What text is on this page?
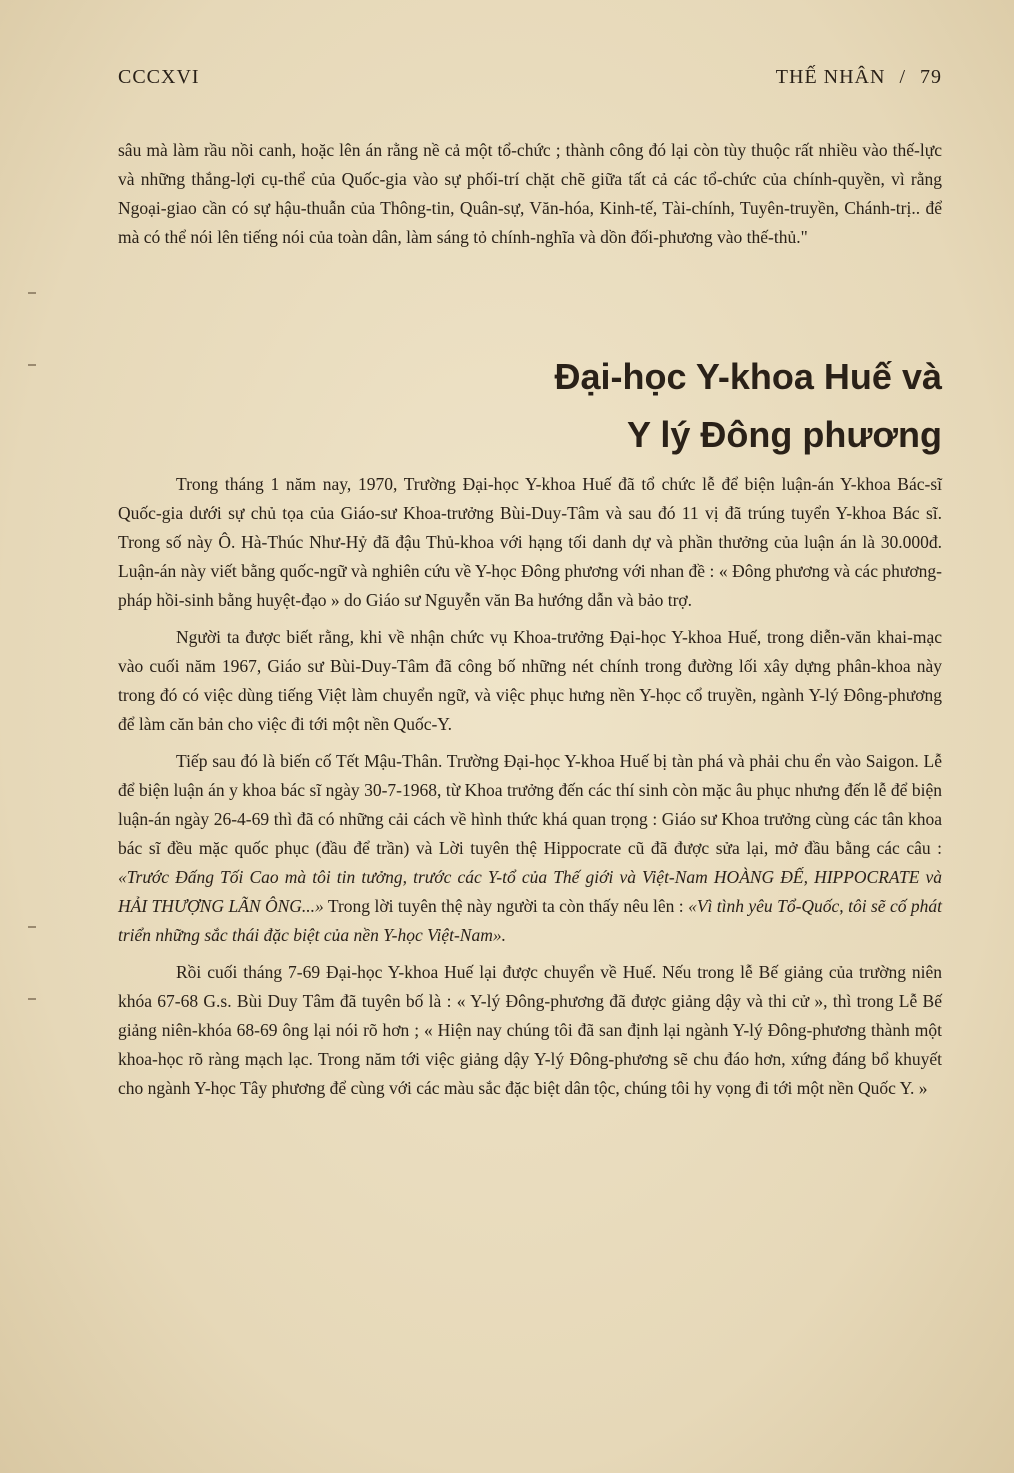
CCCXVI	THẾ NHÂN / 79

sâu mà làm rầu nồi canh, hoặc lên án rằng nề cả một tổ-chức ; thành công đó lại còn tùy thuộc rất nhiều vào thế-lực và những thắng-lợi cụ-thể của Quốc-gia vào sự phối-trí chặt chẽ giữa tất cả các tổ-chức của chính-quyền, vì rằng Ngoại-giao cần có sự hậu-thuẫn của Thông-tin, Quân-sự, Văn-hóa, Kinh-tế, Tài-chính, Tuyên-truyền, Chánh-trị.. để mà có thể nói lên tiếng nói của toàn dân, làm sáng tỏ chính-nghĩa và dồn đối-phương vào thế-thủ."

Đại-học Y-khoa Huế và
Y lý Đông phương

Trong tháng 1 năm nay, 1970, Trường Đại-học Y-khoa Huế đã tổ chức lễ để biện luận-án Y-khoa Bác-sĩ Quốc-gia dưới sự chủ tọa của Giáo-sư Khoa-trưởng Bùi-Duy-Tâm và sau đó 11 vị đã trúng tuyển Y-khoa Bác sĩ. Trong số này Ô. Hà-Thúc Như-Hỷ đã đậu Thủ-khoa với hạng tối danh dự và phần thưởng của luận án là 30.000đ. Luận-án này viết bằng quốc-ngữ và nghiên cứu về Y-học Đông phương với nhan đề : « Đông phương và các phương-pháp hồi-sinh bằng huyệt-đạo » do Giáo sư Nguyễn văn Ba hướng dẫn và bảo trợ.

Người ta được biết rằng, khi về nhận chức vụ Khoa-trưởng Đại-học Y-khoa Huế, trong diễn-văn khai-mạc vào cuối năm 1967, Giáo sư Bùi-Duy-Tâm đã công bố những nét chính trong đường lối xây dựng phân-khoa này trong đó có việc dùng tiếng Việt làm chuyển ngữ, và việc phục hưng nền Y-học cổ truyền, ngành Y-lý Đông-phương để làm căn bản cho việc đi tới một nền Quốc-Y.

Tiếp sau đó là biến cố Tết Mậu-Thân. Trường Đại-học Y-khoa Huế bị tàn phá và phải chu ển vào Saigon. Lễ để biện luận án y khoa bác sĩ ngày 30-7-1968, từ Khoa trưởng đến các thí sinh còn mặc âu phục nhưng đến lễ để biện luận-án ngày 26-4-69 thì đã có những cải cách về hình thức khá quan trọng : Giáo sư Khoa trưởng cùng các tân khoa bác sĩ đều mặc quốc phục (đầu để trần) và Lời tuyên thệ Hippocrate cũ đã được sửa lại, mở đầu bằng các câu : «Trước Đấng Tối Cao mà tôi tin tưởng, trước các Y-tổ của Thế giới và Việt-Nam HOÀNG ĐẾ, HIPPOCRATE và HẢI THƯỢNG LÃN ÔNG...» Trong lời tuyên thệ này người ta còn thấy nêu lên : «Vì tình yêu Tổ-Quốc, tôi sẽ cố phát triển những sắc thái đặc biệt của nền Y-học Việt-Nam».

Rồi cuối tháng 7-69 Đại-học Y-khoa Huế lại được chuyển về Huế. Nếu trong lễ Bế giảng của trường niên khóa 67-68 G.s. Bùi Duy Tâm đã tuyên bố là : « Y-lý Đông-phương đã được giảng dậy và thi cử », thì trong Lễ Bế giảng niên-khóa 68-69 ông lại nói rõ hơn ; « Hiện nay chúng tôi đã san định lại ngành Y-lý Đông-phương thành một khoa-học rõ ràng mạch lạc. Trong năm tới việc giảng dậy Y-lý Đông-phương sẽ chu đáo hơn, xứng đáng bổ khuyết cho ngành Y-học Tây phương để cùng với các màu sắc đặc biệt dân tộc, chúng tôi hy vọng đi tới một nền Quốc Y. »
